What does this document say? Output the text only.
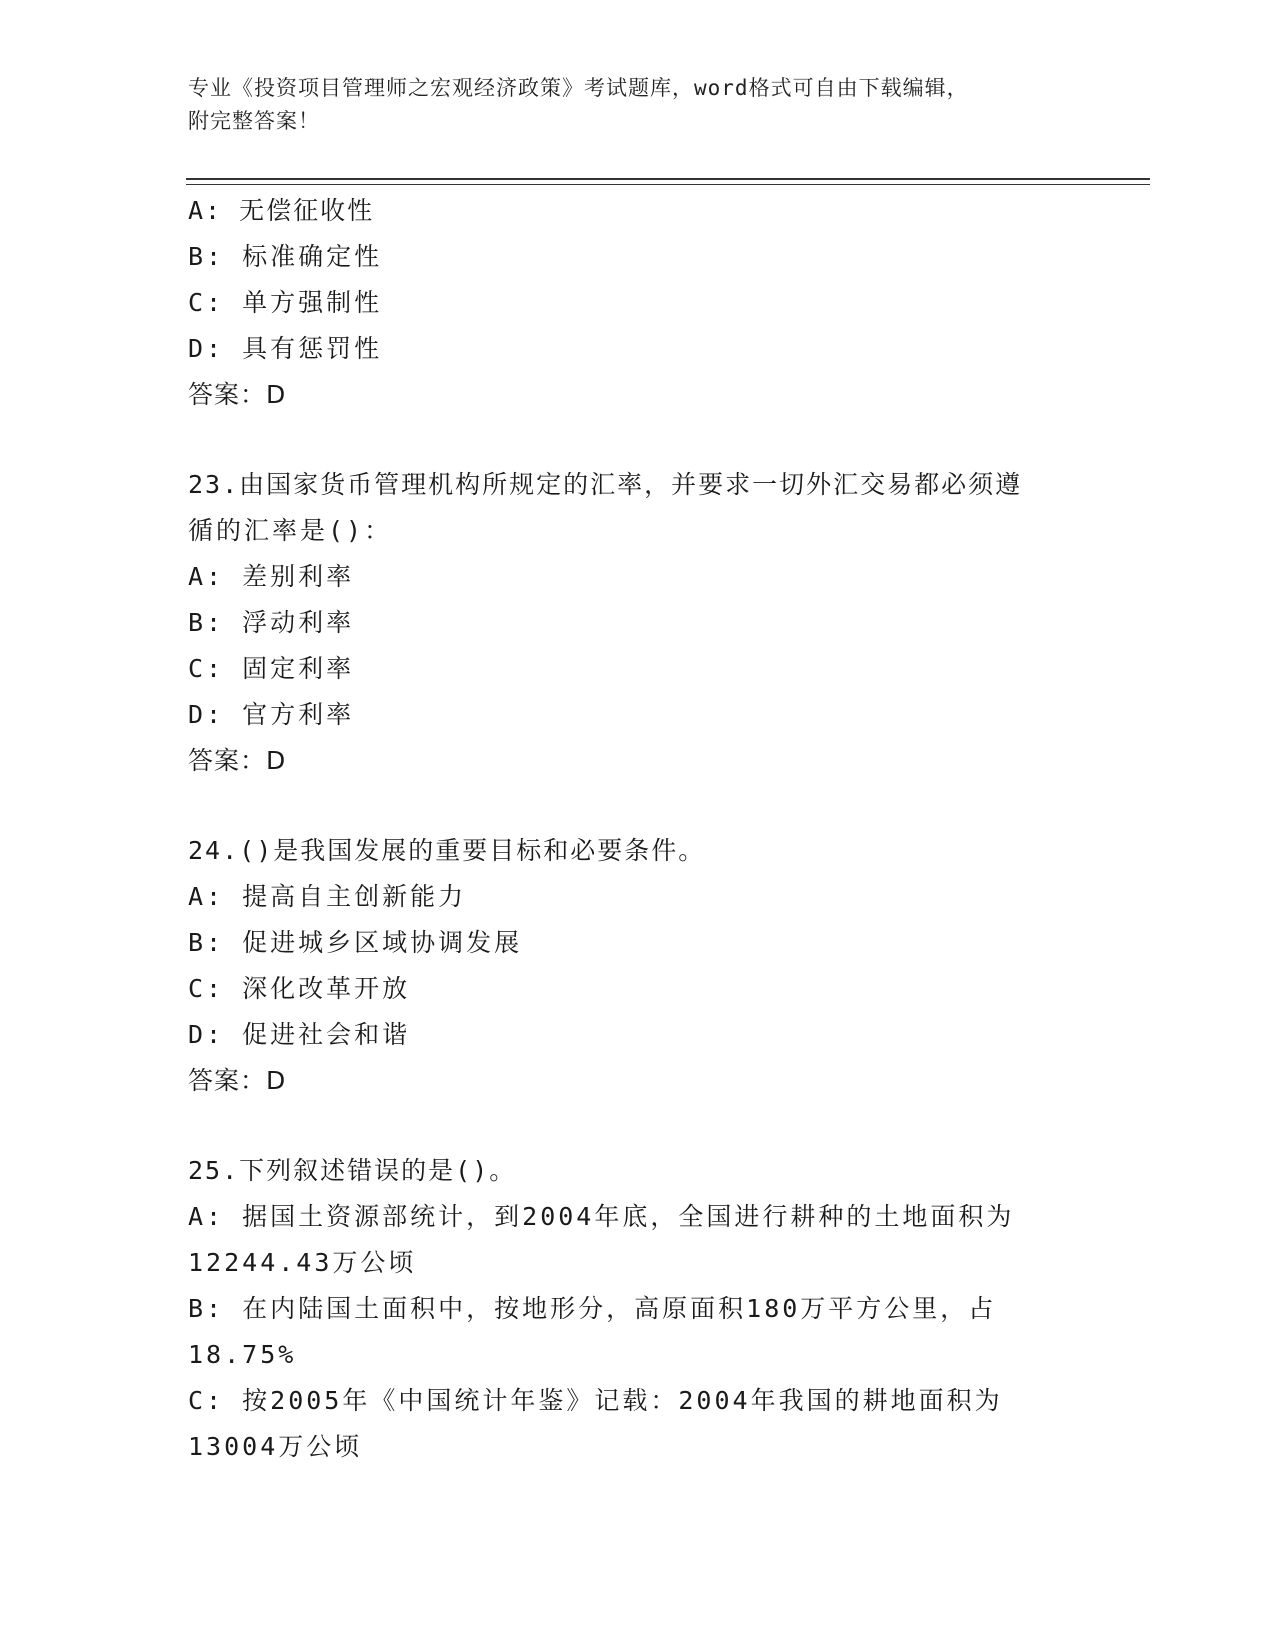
专业《投资项目管理师之宏观经济政策》考试题库，word格式可自由下载编辑，
附完整答案！
A: 无偿征收性
B: 标准确定性
C: 单方强制性
D: 具有惩罚性
答案：D
23.由国家货币管理机构所规定的汇率，并要求一切外汇交易都必须遵
循的汇率是()：
A: 差别利率
B: 浮动利率
C: 固定利率
D: 官方利率
答案：D
24.()是我国发展的重要目标和必要条件。
A: 提高自主创新能力
B: 促进城乡区域协调发展
C: 深化改革开放
D: 促进社会和谐
答案：D
25.下列叙述错误的是()。
A: 据国土资源部统计，到2004年底，全国进行耕种的土地面积为
12244.43万公顷
B: 在内陆国土面积中，按地形分，高原面积180万平方公里，占
18.75%
C: 按2005年《中国统计年鉴》记载：2004年我国的耕地面积为
13004万公顷
